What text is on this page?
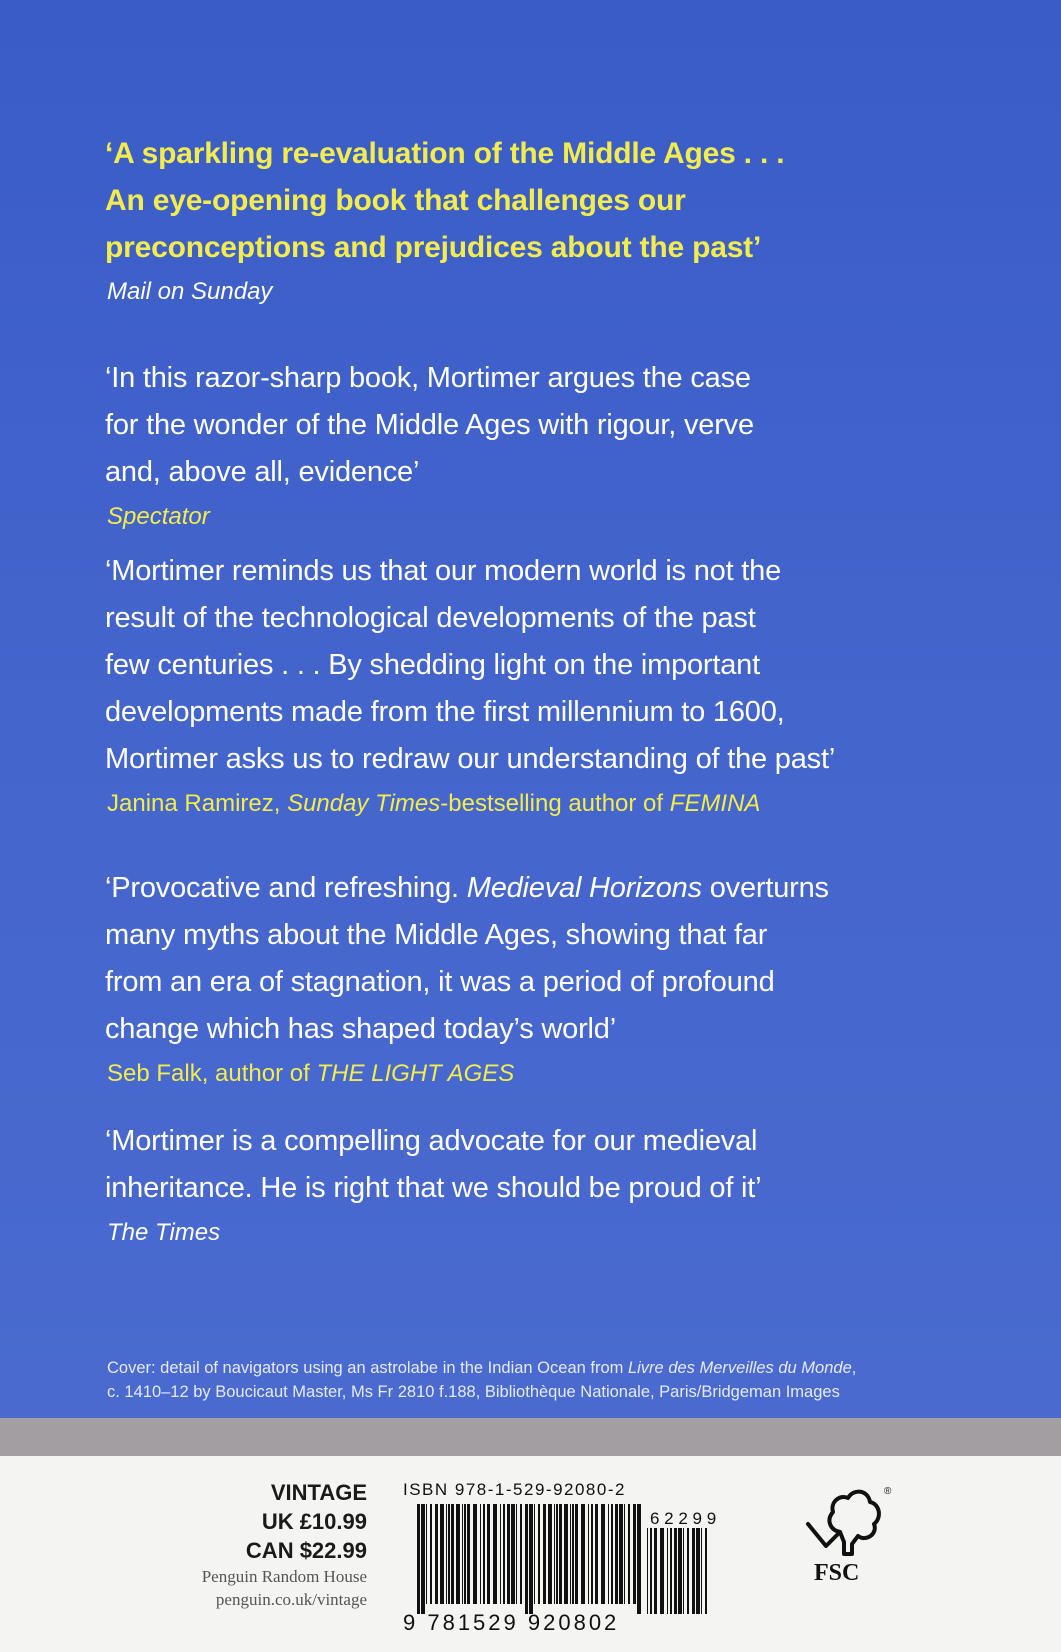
‘A sparkling re-evaluation of the Middle Ages . . .

An eye-opening book that challenges our

preconceptions and prejudices about the past’

Mail on Sunday

‘In this razor-sharp book, Mortimer argues the case

for the wonder of the Middle Ages with rigour, verve

and, above all, evidence’

Spectator

‘Mortimer reminds us that our modern world is not the

result of the technological developments of the past

few centuries . . . By shedding light on the important

developments made from the first millennium to 1600,

Mortimer asks us to redraw our understanding of the past’

Janina Ramirez, Sunday Times-bestselling author of FEMINA

‘Provocative and refreshing. Medieval Horizons overturns

many myths about the Middle Ages, showing that far

from an era of stagnation, it was a period of profound

change which has shaped today’s world’

Seb Falk, author of THE LIGHT AGES

‘Mortimer is a compelling advocate for our medieval

inheritance. He is right that we should be proud of it’

The Times

Cover: detail of navigators using an astrolabe in the Indian Ocean from Livre des Merveilles du Monde,
c. 1410–12 by Boucicaut Master, Ms Fr 2810 f.188, Bibliothèque Nationale, Paris/Bridgeman Images
VINTAGE
UK £10.99
CAN $22.99
Penguin Random House
penguin.co.uk/vintage
ISBN 978-1-529-92080-2
9 781529 920802
6 2 2 9 9
®
FSC
